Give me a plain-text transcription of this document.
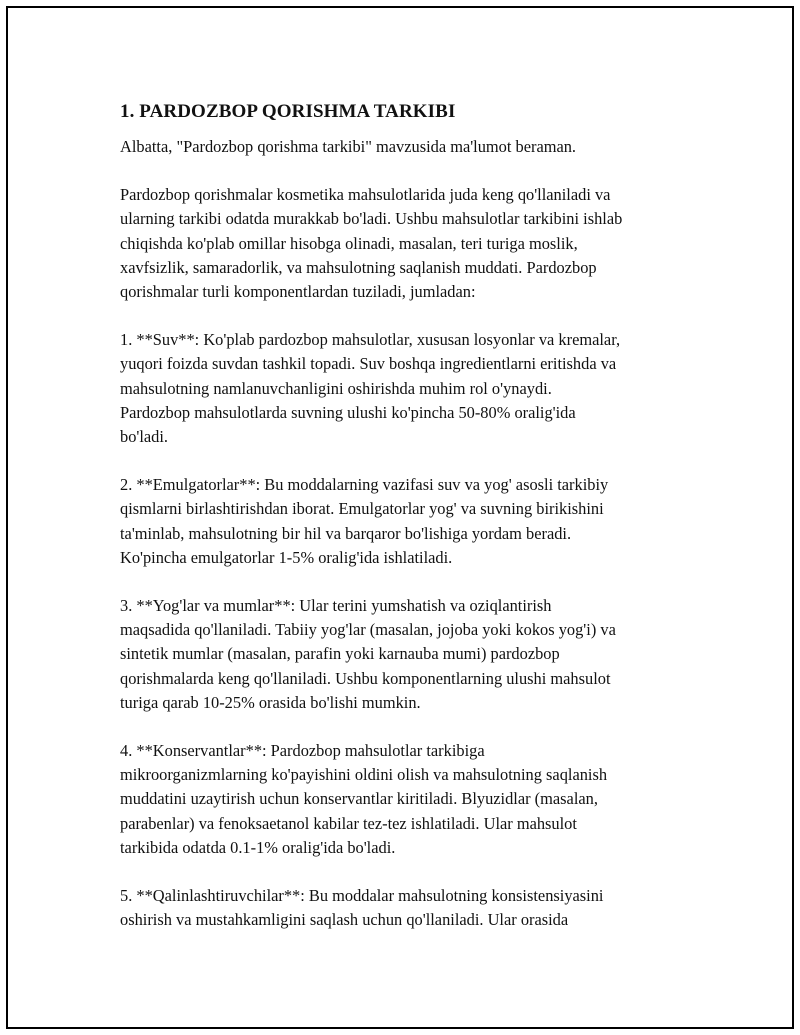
1. PARDOZBOP QORISHMA TARKIBI

Albatta, "Pardozbop qorishma tarkibi" mavzusida ma'lumot beraman.

Pardozbop qorishmalar kosmetika mahsulotlarida juda keng qo'llaniladi va
ularning tarkibi odatda murakkab bo'ladi. Ushbu mahsulotlar tarkibini ishlab
chiqishda ko'plab omillar hisobga olinadi, masalan, teri turiga moslik,
xavfsizlik, samaradorlik, va mahsulotning saqlanish muddati. Pardozbop
qorishmalar turli komponentlardan tuziladi, jumladan:

1. **Suv**: Ko'plab pardozbop mahsulotlar, xususan losyonlar va kremalar,
yuqori foizda suvdan tashkil topadi. Suv boshqa ingredientlarni eritishda va
mahsulotning namlanuvchanligini oshirishda muhim rol o'ynaydi.
Pardozbop mahsulotlarda suvning ulushi ko'pincha 50-80% oralig'ida
bo'ladi.

2. **Emulgatorlar**: Bu moddalarning vazifasi suv va yog' asosli tarkibiy
qismlarni birlashtirishdan iborat. Emulgatorlar yog' va suvning birikishini
ta'minlab, mahsulotning bir hil va barqaror bo'lishiga yordam beradi.
Ko'pincha emulgatorlar 1-5% oralig'ida ishlatiladi.

3. **Yog'lar va mumlar**: Ular terini yumshatish va oziqlantirish
maqsadida qo'llaniladi. Tabiiy yog'lar (masalan, jojoba yoki kokos yog'i) va
sintetik mumlar (masalan, parafin yoki karnauba mumi) pardozbop
qorishmalarda keng qo'llaniladi. Ushbu komponentlarning ulushi mahsulot
turiga qarab 10-25% orasida bo'lishi mumkin.

4. **Konservantlar**: Pardozbop mahsulotlar tarkibiga
mikroorganizmlarning ko'payishini oldini olish va mahsulotning saqlanish
muddatini uzaytirish uchun konservantlar kiritiladi. Blyuzidlar (masalan,
parabenlar) va fenoksaetanol kabilar tez-tez ishlatiladi. Ular mahsulot
tarkibida odatda 0.1-1% oralig'ida bo'ladi.

5. **Qalinlashtiruvchilar**: Bu moddalar mahsulotning konsistensiyasini
oshirish va mustahkamligini saqlash uchun qo'llaniladi. Ular orasida
